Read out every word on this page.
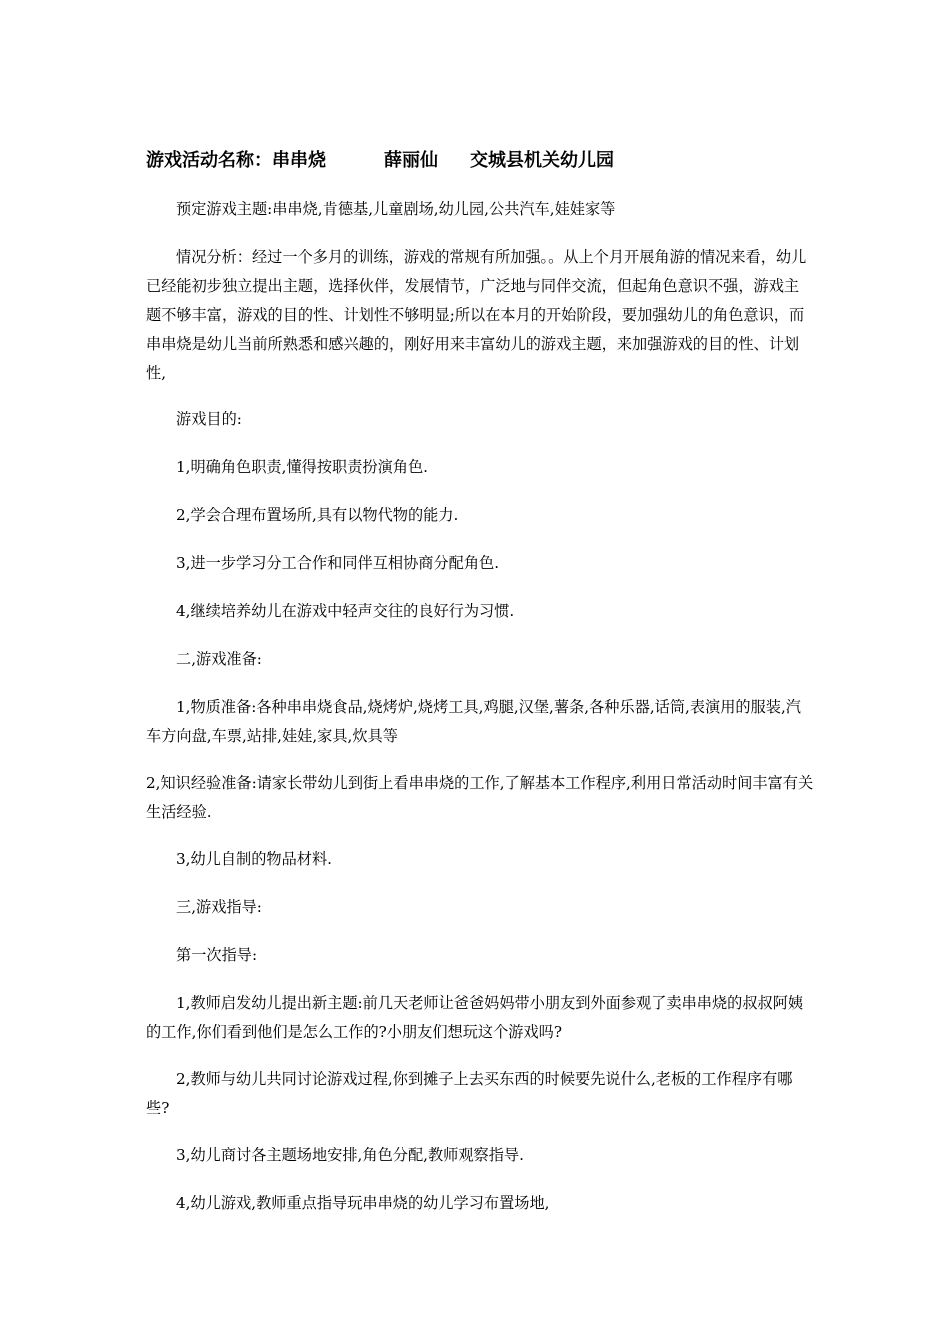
游戏活动名称：串串烧	薛丽仙 交城县机关幼儿园

预定游戏主题:串串烧,肯德基,儿童剧场,幼儿园,公共汽车,娃娃家等

情况分析：经过一个多月的训练，游戏的常规有所加强。。从上个月开展角游的情况来看，幼儿已经能初步独立提出主题，选择伙伴，发展情节，广泛地与同伴交流，但起角色意识不强，游戏主题不够丰富，游戏的目的性、计划性不够明显;所以在本月的开始阶段，要加强幼儿的角色意识，而串串烧是幼儿当前所熟悉和感兴趣的，刚好用来丰富幼儿的游戏主题，来加强游戏的目的性、计划性,

游戏目的:

1,明确角色职责,懂得按职责扮演角色.

2,学会合理布置场所,具有以物代物的能力.

3,进一步学习分工合作和同伴互相协商分配角色.

4,继续培养幼儿在游戏中轻声交往的良好行为习惯.

二,游戏准备:

1,物质准备:各种串串烧食品,烧烤炉,烧烤工具,鸡腿,汉堡,薯条,各种乐器,话筒,表演用的服装,汽车方向盘,车票,站排,娃娃,家具,炊具等

2,知识经验准备:请家长带幼儿到街上看串串烧的工作,了解基本工作程序,利用日常活动时间丰富有关生活经验.

3,幼儿自制的物品材料.

三,游戏指导:

第一次指导:

1,教师启发幼儿提出新主题:前几天老师让爸爸妈妈带小朋友到外面参观了卖串串烧的叔叔阿姨的工作,你们看到他们是怎么工作的?小朋友们想玩这个游戏吗?

2,教师与幼儿共同讨论游戏过程,你到摊子上去买东西的时候要先说什么,老板的工作程序有哪些?

3,幼儿商讨各主题场地安排,角色分配,教师观察指导.

4,幼儿游戏,教师重点指导玩串串烧的幼儿学习布置场地,
